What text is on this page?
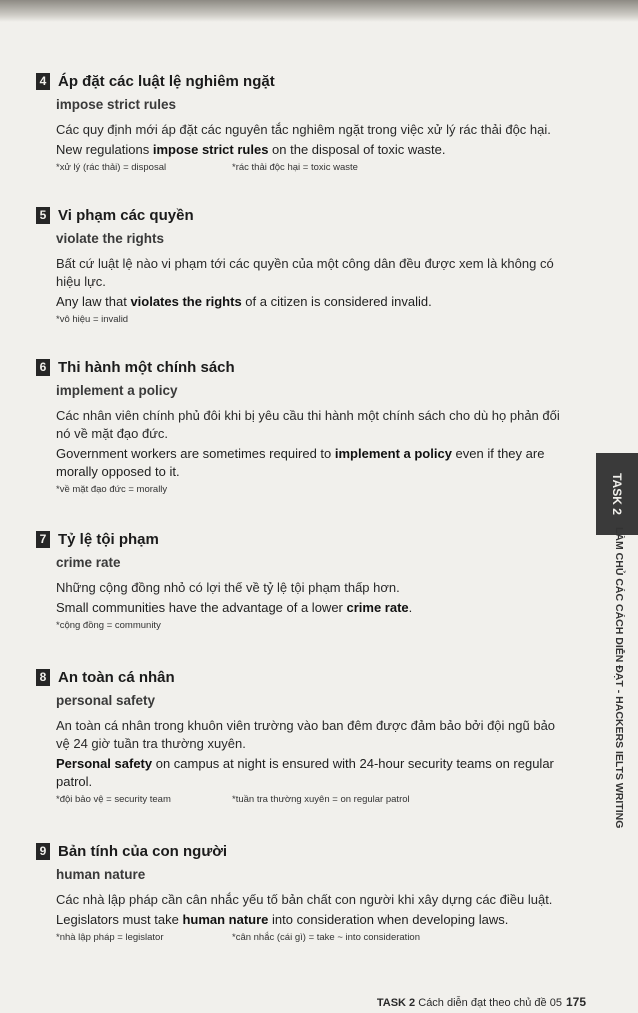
4 Áp đặt các luật lệ nghiêm ngặt
impose strict rules
Các quy định mới áp đặt các nguyên tắc nghiêm ngặt trong việc xử lý rác thải độc hại.
New regulations impose strict rules on the disposal of toxic waste.
*xử lý (rác thải) = disposal	*rác thải độc hại = toxic waste
5 Vi phạm các quyền
violate the rights
Bất cứ luật lệ nào vi phạm tới các quyền của một công dân đều được xem là không có hiệu lực.
Any law that violates the rights of a citizen is considered invalid.
*vô hiệu = invalid
6 Thi hành một chính sách
implement a policy
Các nhân viên chính phủ đôi khi bị yêu cầu thi hành một chính sách cho dù họ phản đối nó về mặt đạo đức.
Government workers are sometimes required to implement a policy even if they are morally opposed to it.
*về mặt đạo đức = morally
7 Tỷ lệ tội phạm
crime rate
Những cộng đồng nhỏ có lợi thế về tỷ lệ tội phạm thấp hơn.
Small communities have the advantage of a lower crime rate.
*cộng đồng = community
8 An toàn cá nhân
personal safety
An toàn cá nhân trong khuôn viên trường vào ban đêm được đảm bảo bởi đội ngũ bảo vệ 24 giờ tuần tra thường xuyên.
Personal safety on campus at night is ensured with 24-hour security teams on regular patrol.
*đội bảo vệ = security team	*tuần tra thường xuyên = on regular patrol
9 Bản tính của con người
human nature
Các nhà lập pháp cần cân nhắc yếu tố bản chất con người khi xây dựng các điều luật.
Legislators must take human nature into consideration when developing laws.
*nhà lập pháp = legislator	*cân nhắc (cái gì) = take ~ into consideration
TASK 2
LÀM CHỦ CÁC CÁCH DIỄN ĐẠT - HACKERS IELTS WRITING
TASK 2 Cách diễn đạt theo chủ đề 05 175
